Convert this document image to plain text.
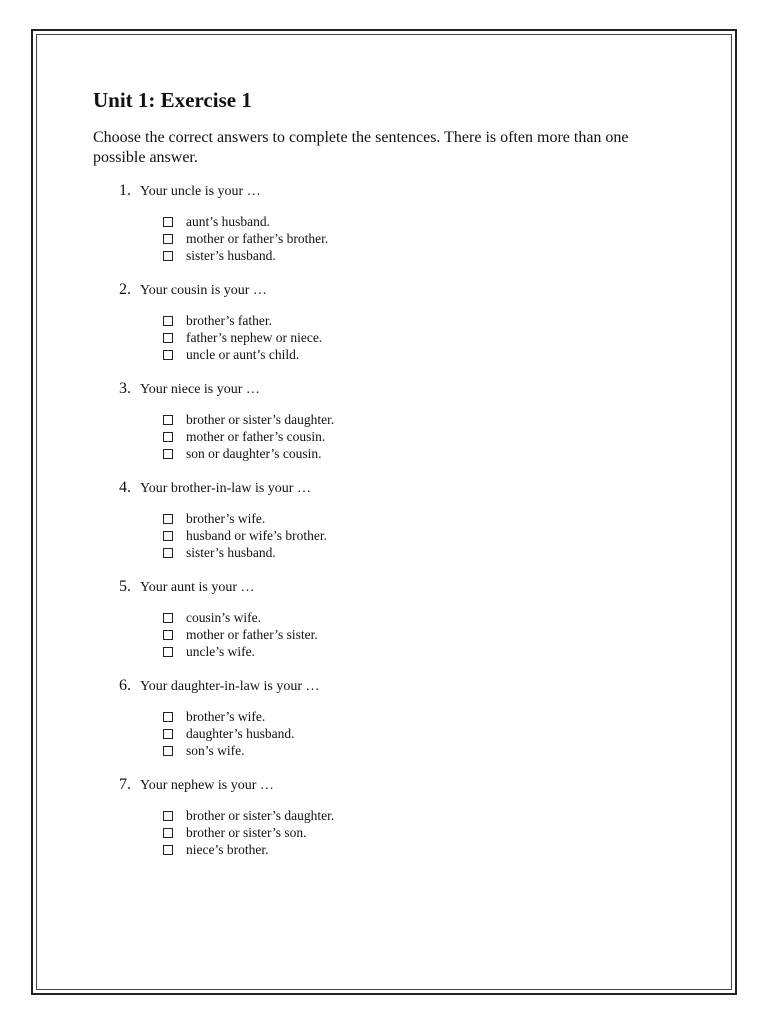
Unit 1: Exercise 1

Choose the correct answers to complete the sentences. There is often more than one possible answer.

1. Your uncle is your …
aunt’s husband.
mother or father’s brother.
sister’s husband.
2. Your cousin is your …
brother’s father.
father’s nephew or niece.
uncle or aunt’s child.
3. Your niece is your …
brother or sister’s daughter.
mother or father’s cousin.
son or daughter’s cousin.
4. Your brother-in-law is your …
brother’s wife.
husband or wife’s brother.
sister’s husband.
5. Your aunt is your …
cousin’s wife.
mother or father’s sister.
uncle’s wife.
6. Your daughter-in-law is your …
brother’s wife.
daughter’s husband.
son’s wife.
7. Your nephew is your …
brother or sister’s daughter.
brother or sister’s son.
niece’s brother.
